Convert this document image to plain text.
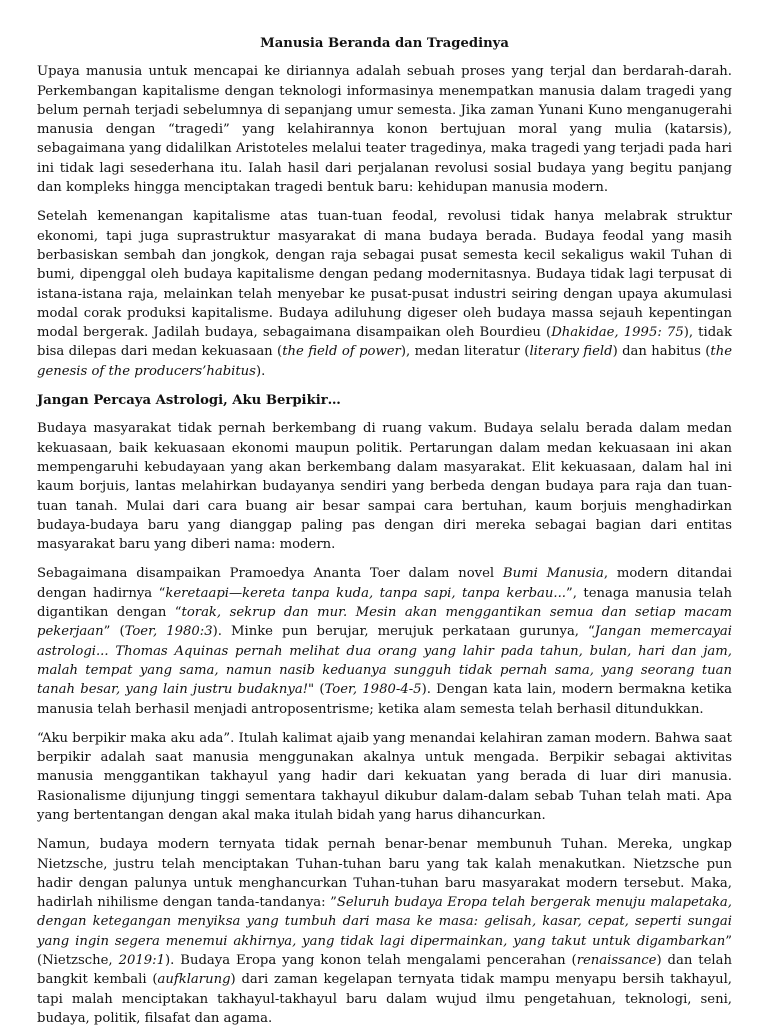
Manusia Beranda dan Tragedinya

Upaya manusia untuk mencapai ke diriannya adalah sebuah proses yang terjal dan berdarah-darah. Perkembangan kapitalisme dengan teknologi informasinya menempatkan manusia dalam tragedi yang belum pernah terjadi sebelumnya di sepanjang umur semesta. Jika zaman Yunani Kuno menganugerahi manusia dengan “tragedi” yang kelahirannya konon bertujuan moral yang mulia (katarsis), sebagaimana yang didalilkan Aristoteles melalui teater tragedinya, maka tragedi yang terjadi pada hari ini tidak lagi sesederhana itu. Ialah hasil dari perjalanan revolusi sosial budaya yang begitu panjang dan kompleks hingga menciptakan tragedi bentuk baru: kehidupan manusia modern.

Setelah kemenangan kapitalisme atas tuan-tuan feodal, revolusi tidak hanya melabrak struktur ekonomi, tapi juga suprastruktur masyarakat di mana budaya berada. Budaya feodal yang masih berbasiskan sembah dan jongkok, dengan raja sebagai pusat semesta kecil sekaligus wakil Tuhan di bumi, dipenggal oleh budaya kapitalisme dengan pedang modernitasnya. Budaya tidak lagi terpusat di istana-istana raja, melainkan telah menyebar ke pusat-pusat industri seiring dengan upaya akumulasi modal corak produksi kapitalisme. Budaya adiluhung digeser oleh budaya massa sejauh kepentingan modal bergerak. Jadilah budaya, sebagaimana disampaikan oleh Bourdieu (Dhakidae, 1995: 75), tidak bisa dilepas dari medan kekuasaan (the field of power), medan literatur (literary field) dan habitus (the genesis of the producers’habitus).

Jangan Percaya Astrologi, Aku Berpikir…

Budaya masyarakat tidak pernah berkembang di ruang vakum. Budaya selalu berada dalam medan kekuasaan, baik kekuasaan ekonomi maupun politik. Pertarungan dalam medan kekuasaan ini akan mempengaruhi kebudayaan yang akan berkembang dalam masyarakat. Elit kekuasaan, dalam hal ini kaum borjuis, lantas melahirkan budayanya sendiri yang berbeda dengan budaya para raja dan tuan-tuan tanah. Mulai dari cara buang air besar sampai cara bertuhan, kaum borjuis menghadirkan budaya-budaya baru yang dianggap paling pas dengan diri mereka sebagai bagian dari entitas masyarakat baru yang diberi nama: modern.

Sebagaimana disampaikan Pramoedya Ananta Toer dalam novel Bumi Manusia, modern ditandai dengan hadirnya “keretaapi—kereta tanpa kuda, tanpa sapi, tanpa kerbau...”, tenaga manusia telah digantikan dengan “torak, sekrup dan mur. Mesin akan menggantikan semua dan setiap macam pekerjaan” (Toer, 1980:3). Minke pun berujar, merujuk perkataan gurunya, “Jangan memercayai astrologi... Thomas Aquinas pernah melihat dua orang yang lahir pada tahun, bulan, hari dan jam, malah tempat yang sama, namun nasib keduanya sungguh tidak pernah sama, yang seorang tuan tanah besar, yang lain justru budaknya!" (Toer, 1980-4-5). Dengan kata lain, modern bermakna ketika manusia telah berhasil menjadi antroposentrisme; ketika alam semesta telah berhasil ditundukkan.

“Aku berpikir maka aku ada”. Itulah kalimat ajaib yang menandai kelahiran zaman modern. Bahwa saat berpikir adalah saat manusia menggunakan akalnya untuk mengada. Berpikir sebagai aktivitas manusia menggantikan takhayul yang hadir dari kekuatan yang berada di luar diri manusia. Rasionalisme dijunjung tinggi sementara takhayul dikubur dalam-dalam sebab Tuhan telah mati. Apa yang bertentangan dengan akal maka itulah bidah yang harus dihancurkan.

Namun, budaya modern ternyata tidak pernah benar-benar membunuh Tuhan. Mereka, ungkap Nietzsche, justru telah menciptakan Tuhan-tuhan baru yang tak kalah menakutkan. Nietzsche pun hadir dengan palunya untuk menghancurkan Tuhan-tuhan baru masyarakat modern tersebut. Maka, hadirlah nihilisme dengan tanda-tandanya: ”Seluruh budaya Eropa telah bergerak menuju malapetaka, dengan ketegangan menyiksa yang tumbuh dari masa ke masa: gelisah, kasar, cepat, seperti sungai yang ingin segera menemui akhirnya, yang tidak lagi dipermainkan, yang takut untuk digambarkan” (Nietzsche, 2019:1). Budaya Eropa yang konon telah mengalami pencerahan (renaissance) dan telah bangkit kembali (aufklarung) dari zaman kegelapan ternyata tidak mampu menyapu bersih takhayul, tapi malah menciptakan takhayul-takhayul baru dalam wujud ilmu pengetahuan, teknologi, seni, budaya, politik, filsafat dan agama.
